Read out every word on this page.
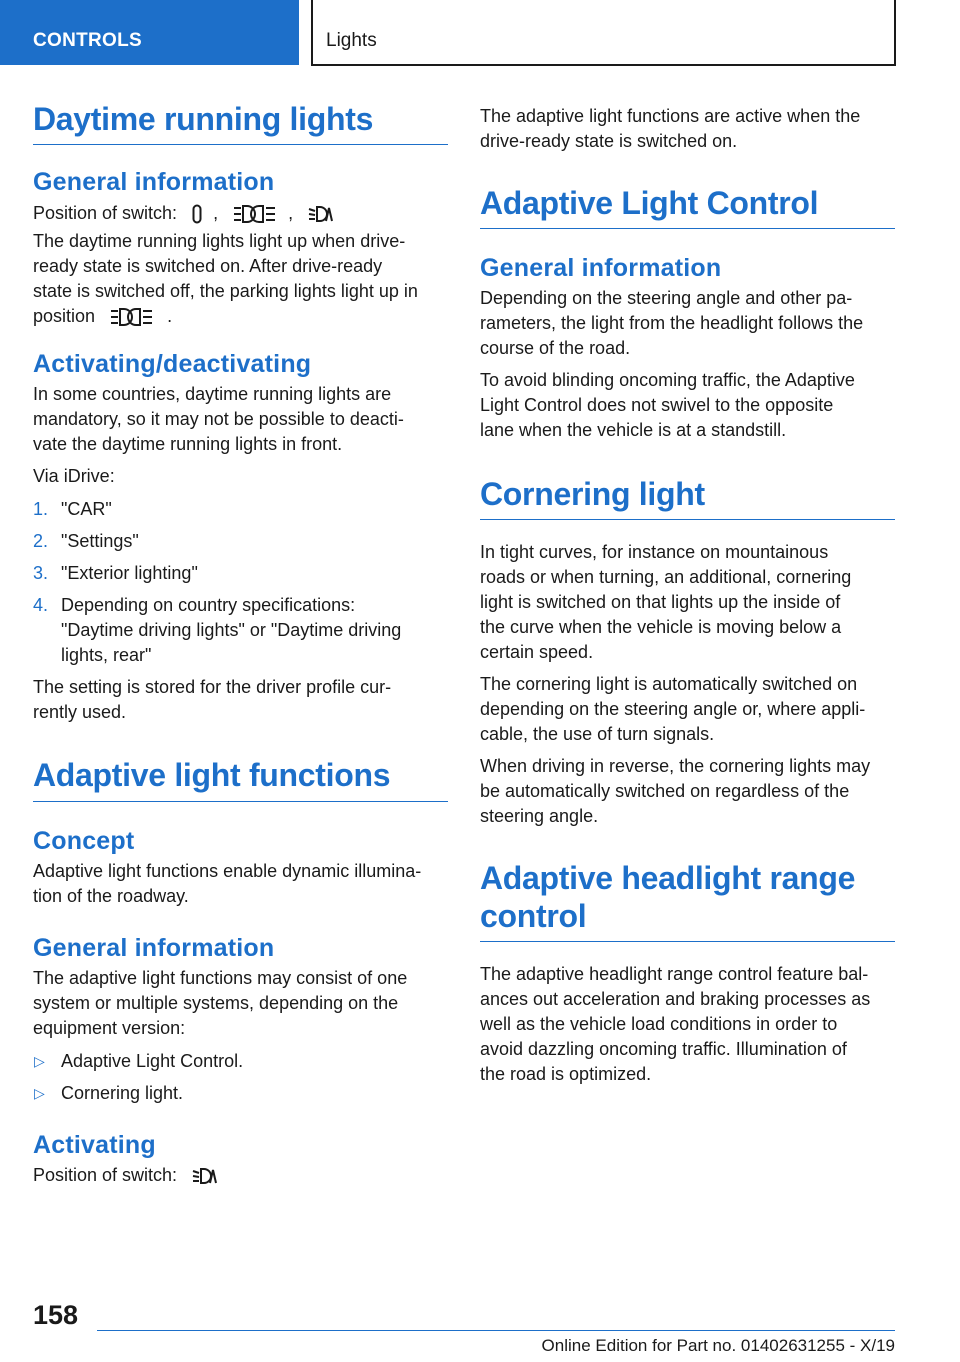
CONTROLS	Lights
Daytime running lights
General information

Position of switch: ,	,

The daytime running lights light up when drive-
ready state is switched on. After drive-ready
state is switched off, the parking lights light up in
position	.

Activating/deactivating

In some countries, daytime running lights are
mandatory, so it may not be possible to deacti-
vate the daytime running lights in front.

Via iDrive:

1. "CAR"
2. "Settings"
3. "Exterior lighting"
4. Depending on country specifications:
"Daytime driving lights" or "Daytime driving
lights, rear"

The setting is stored for the driver profile cur-
rently used.

Adaptive light functions
Concept

Adaptive light functions enable dynamic illumina-
tion of the roadway.

General information

The adaptive light functions may consist of one
system or multiple systems, depending on the
equipment version:

▷ Adaptive Light Control.
▷ Cornering light.
Activating

Position of switch:

The adaptive light functions are active when the
drive-ready state is switched on.

Adaptive Light Control
General information

Depending on the steering angle and other pa-
rameters, the light from the headlight follows the
course of the road.

To avoid blinding oncoming traffic, the Adaptive
Light Control does not swivel to the opposite
lane when the vehicle is at a standstill.

Cornering light

In tight curves, for instance on mountainous
roads or when turning, an additional, cornering
light is switched on that lights up the inside of
the curve when the vehicle is moving below a
certain speed.

The cornering light is automatically switched on
depending on the steering angle or, where appli-
cable, the use of turn signals.

When driving in reverse, the cornering lights may
be automatically switched on regardless of the
steering angle.

Adaptive headlight range
control

The adaptive headlight range control feature bal-
ances out acceleration and braking processes as
well as the vehicle load conditions in order to
avoid dazzling oncoming traffic. Illumination of
the road is optimized.

158
Online Edition for Part no. 01402631255 - X/19
